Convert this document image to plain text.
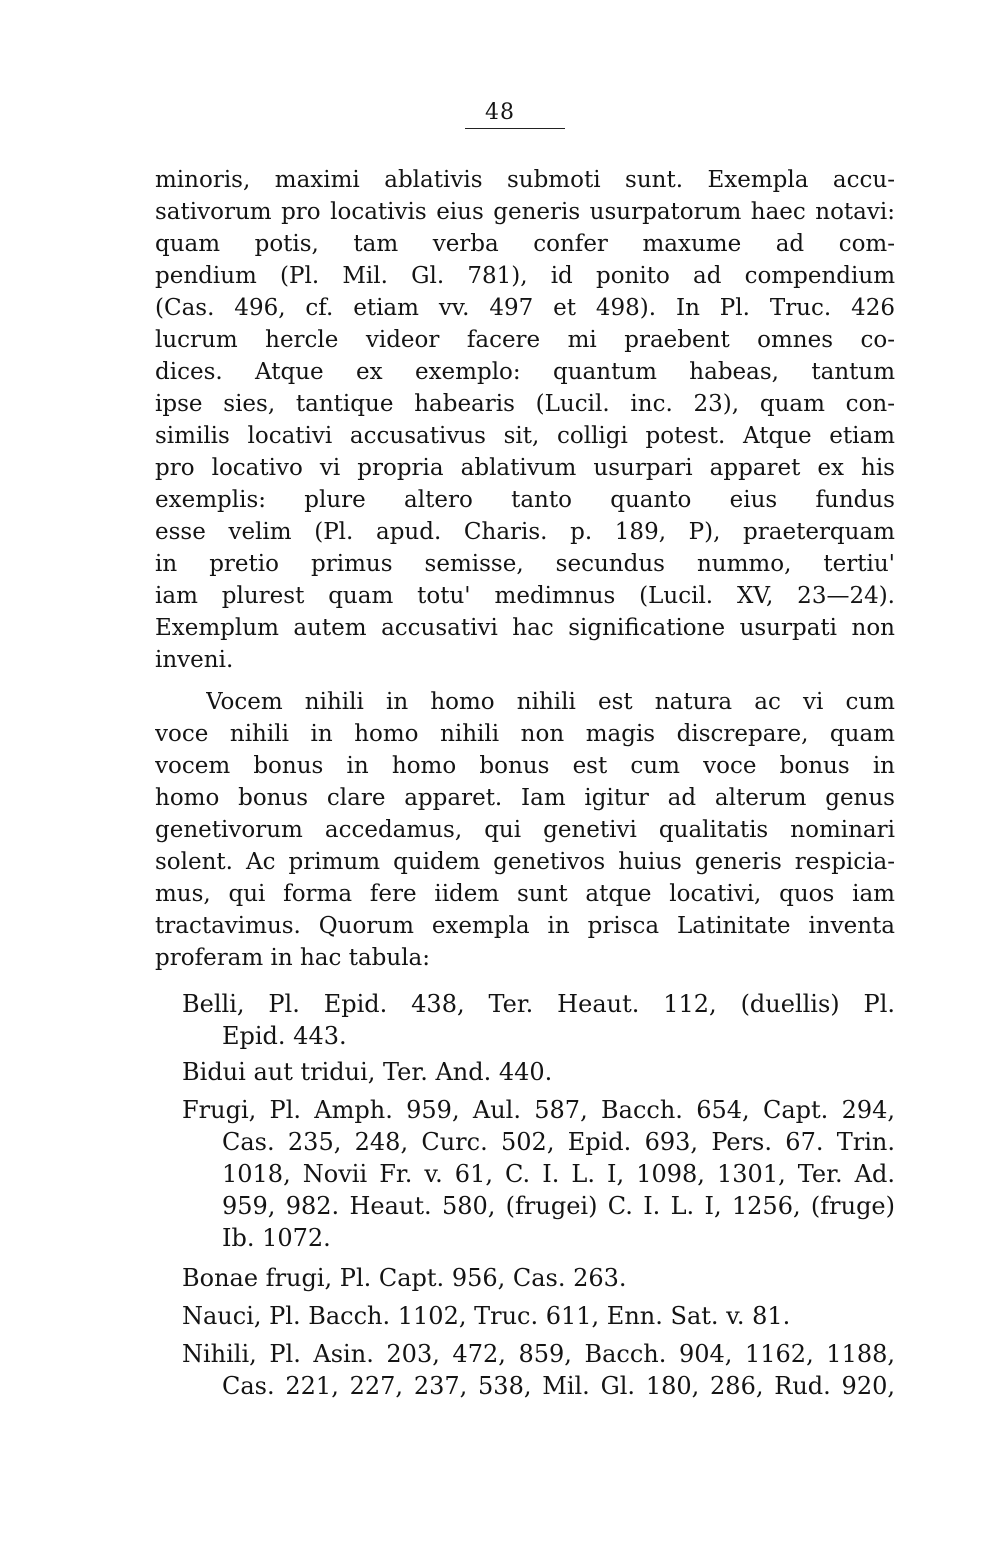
48
minoris, maximi ablativis submoti sunt. Exempla accu-
sativorum pro locativis eius generis usurpatorum haec notavi:
quam potis, tam verba confer maxume ad com-
pendium (Pl. Mil. Gl. 781), id ponito ad compendium
(Cas. 496, cf. etiam vv. 497 et 498). In Pl. Truc. 426
lucrum hercle videor facere mi praebent omnes co-
dices. Atque ex exemplo: quantum habeas, tantum
ipse sies, tantique habearis (Lucil. inc. 23), quam con-
similis locativi accusativus sit, colligi potest. Atque etiam
pro locativo vi propria ablativum usurpari apparet ex his
exemplis: plure altero tanto quanto eius fundus
esse velim (Pl. apud. Charis. p. 189, P), praeterquam
in pretio primus semisse, secundus nummo, tertiu'
iam plurest quam totu' medimnus (Lucil. XV, 23—24).
Exemplum autem accusativi hac significatione usurpati non
inveni.
Vocem nihili in homo nihili est natura ac vi cum
voce nihili in homo nihili non magis discrepare, quam
vocem bonus in homo bonus est cum voce bonus in
homo bonus clare apparet. Iam igitur ad alterum genus
genetivorum accedamus, qui genetivi qualitatis nominari
solent. Ac primum quidem genetivos huius generis respicia-
mus, qui forma fere iidem sunt atque locativi, quos iam
tractavimus. Quorum exempla in prisca Latinitate inventa
proferam in hac tabula:
Belli, Pl. Epid. 438, Ter. Heaut. 112, (duellis) Pl.
Epid. 443.
Bidui aut tridui, Ter. And. 440.
Frugi, Pl. Amph. 959, Aul. 587, Bacch. 654, Capt. 294,
Cas. 235, 248, Curc. 502, Epid. 693, Pers. 67. Trin.
1018, Novii Fr. v. 61, C. I. L. I, 1098, 1301, Ter. Ad.
959, 982. Heaut. 580, (frugei) C. I. L. I, 1256, (fruge)
Ib. 1072.
Bonae frugi, Pl. Capt. 956, Cas. 263.
Nauci, Pl. Bacch. 1102, Truc. 611, Enn. Sat. v. 81.
Nihili, Pl. Asin. 203, 472, 859, Bacch. 904, 1162, 1188,
Cas. 221, 227, 237, 538, Mil. Gl. 180, 286, Rud. 920,
